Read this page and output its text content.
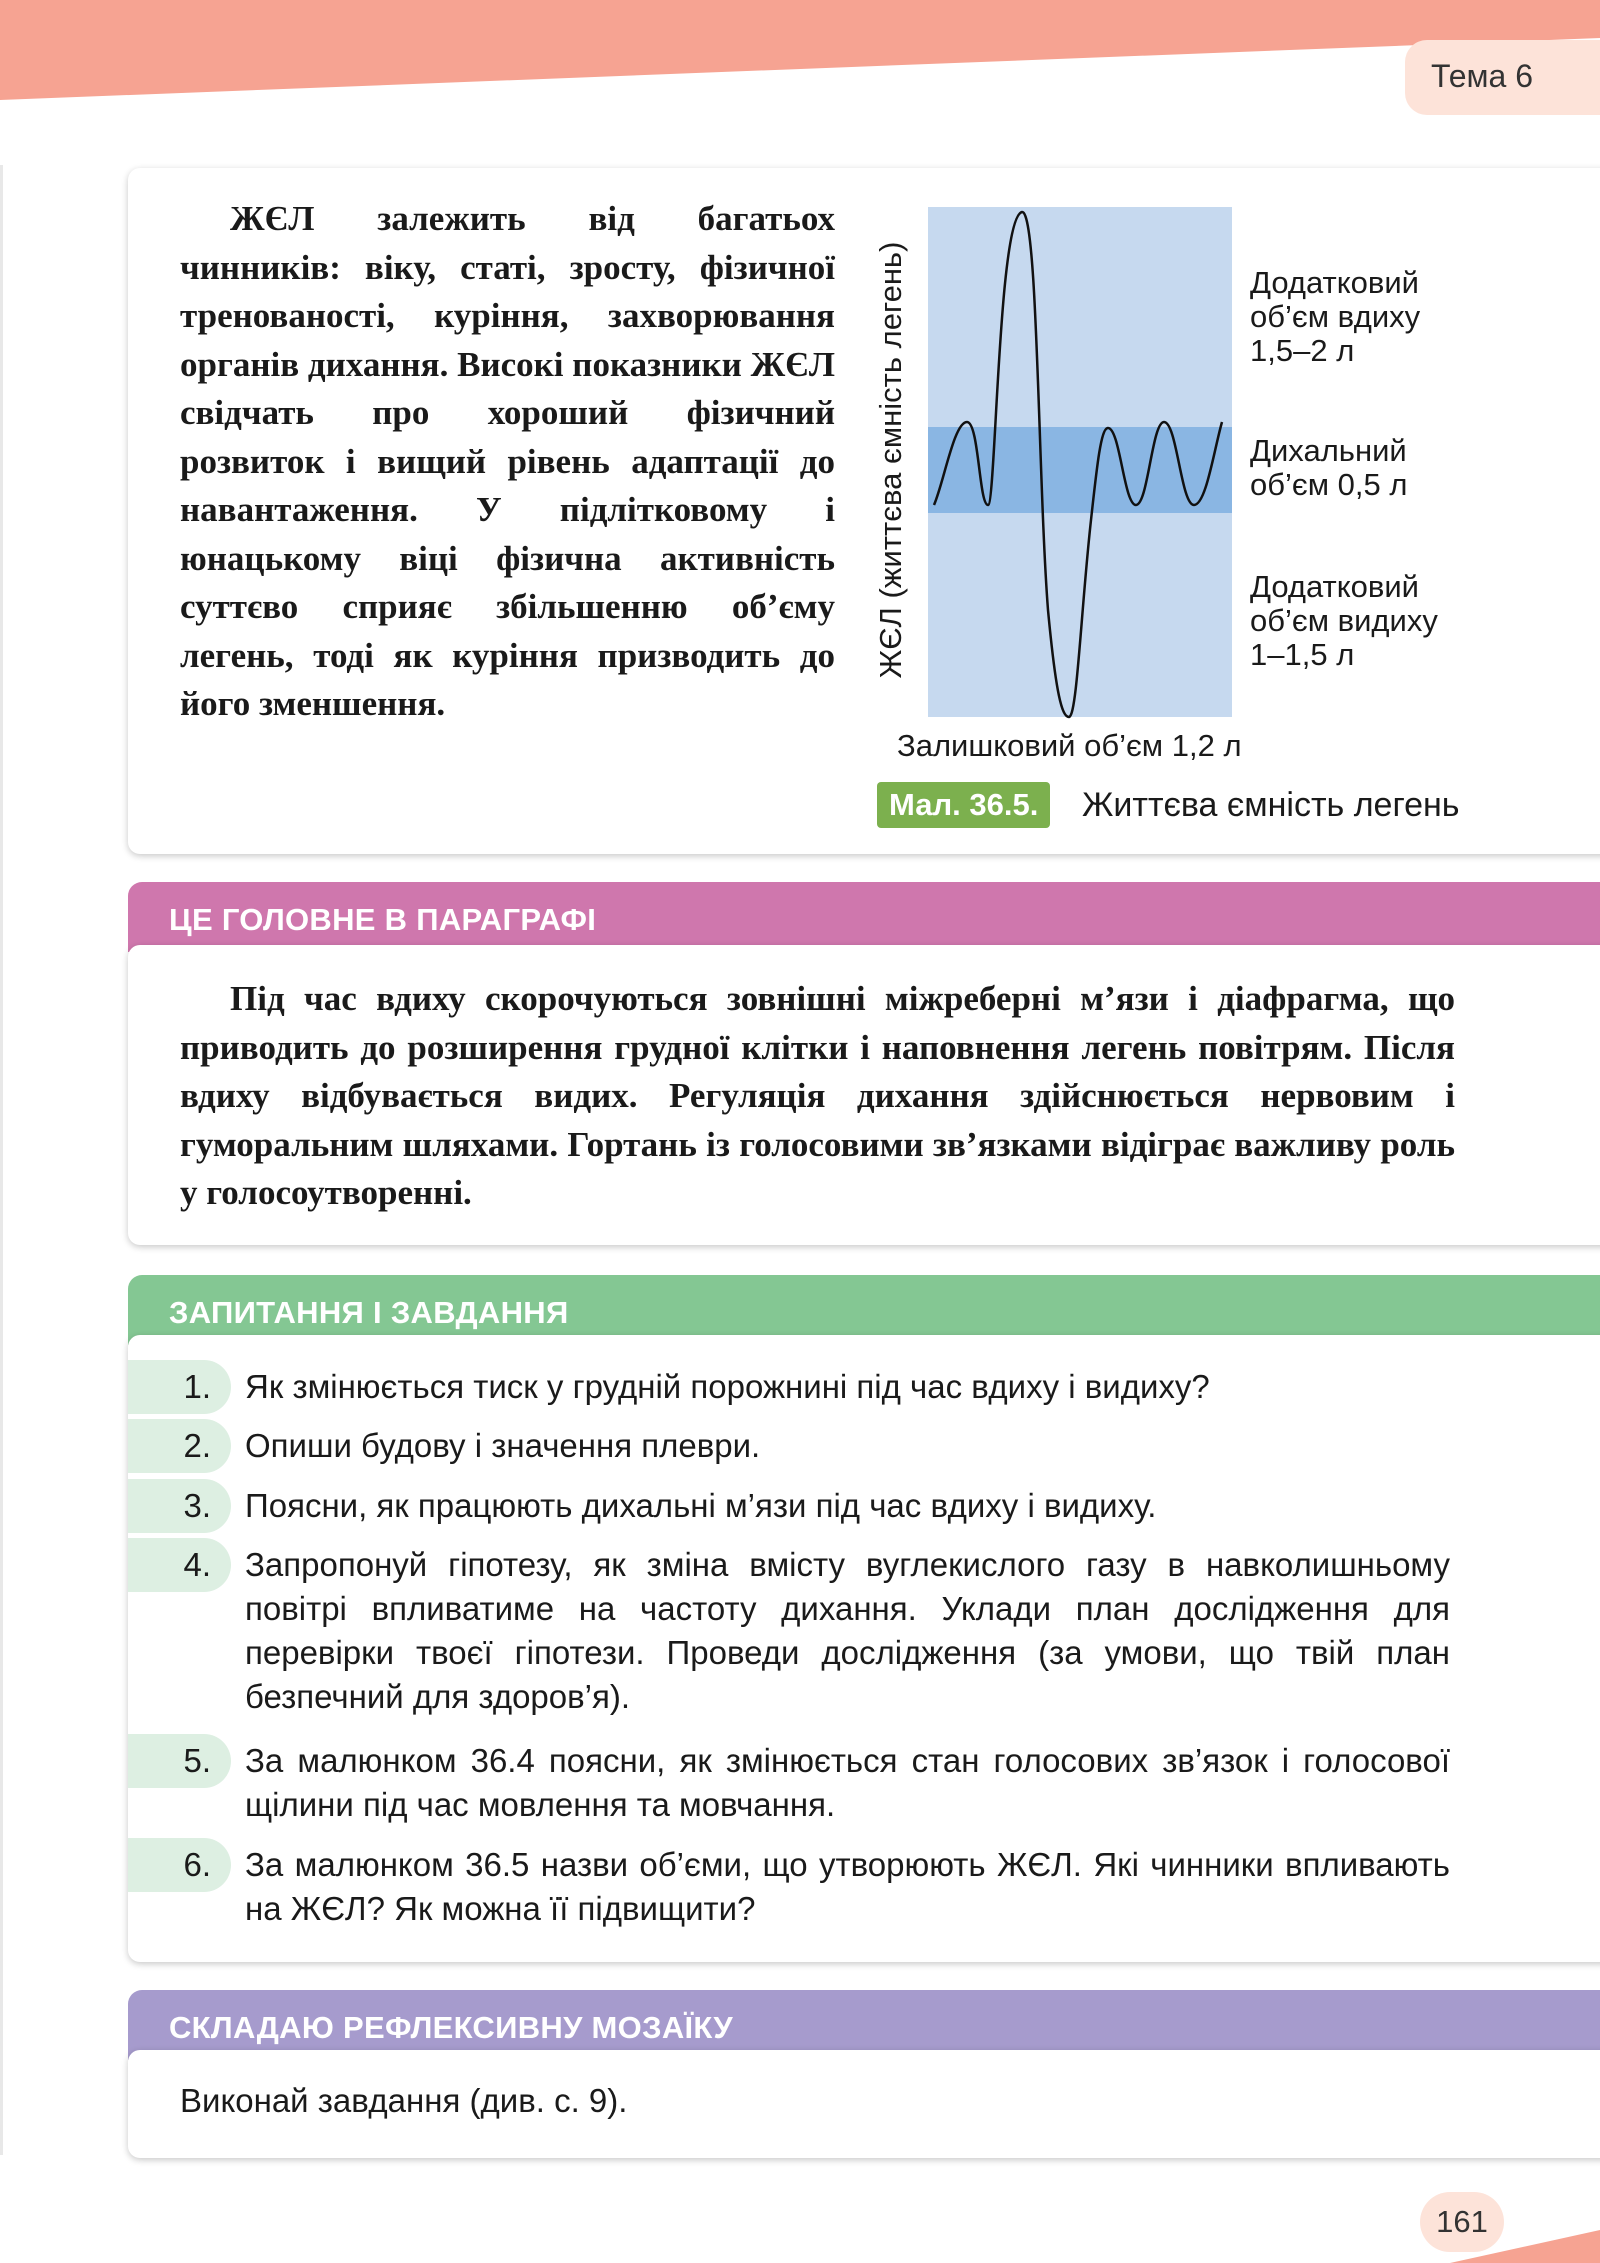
Тема 6
ЖЄЛ залежить від багатьох чинників: віку, статі, зросту, фізичної тренованості, куріння, захворювання органів дихання. Високі показники ЖЄЛ свідчать про хороший фізичний розвиток і вищий рівень адаптації до навантаження. У підлітковому і юнацькому віці фізична активність суттєво сприяє збільшенню об’єму легень, тоді як куріння призводить до його зменшення.
ЖЄЛ (життєва ємність легень)	Додатковий
об’єм вдиху
1,5–2 л
Дихальний
об’єм 0,5 л
Додатковий
об’єм видиху
1–1,5 л
Залишковий об’єм 1,2 л
Мал. 36.5.	Життєва ємність легень
ЦЕ ГОЛОВНЕ В ПАРАГРАФІ
Під час вдиху скорочуються зовнішні міжреберні м’язи і діафрагма, що приводить до розширення грудної клітки і наповнення легень повітрям. Після вдиху відбувається видих. Регуляція дихання здійснюється нервовим і гуморальним шляхами. Гортань із голосовими зв’язками відіграє важливу роль у голосоутворенні.
ЗАПИТАННЯ І ЗАВДАННЯ
1.	Як змінюється тиск у грудній порожнині під час вдиху і видиху?
2.	Опиши будову і значення плеври.
3.	Поясни, як працюють дихальні м’язи під час вдиху і видиху.
4.	Запропонуй гіпотезу, як зміна вмісту вуглекислого газу в навколишньому повітрі впливатиме на частоту дихання. Уклади план дослідження для перевірки твоєї гіпотези. Проведи дослідження (за умови, що твій план безпечний для здоров’я).
5.	За малюнком 36.4 поясни, як змінюється стан голосових зв’язок і голосової щілини під час мовлення та мовчання.
6.	За малюнком 36.5 назви об’єми, що утворюють ЖЄЛ. Які чинники впливають на ЖЄЛ? Як можна її підвищити?
СКЛАДАЮ РЕФЛЕКСИВНУ МОЗАЇКУ
Виконай завдання (див. с. 9).
161
